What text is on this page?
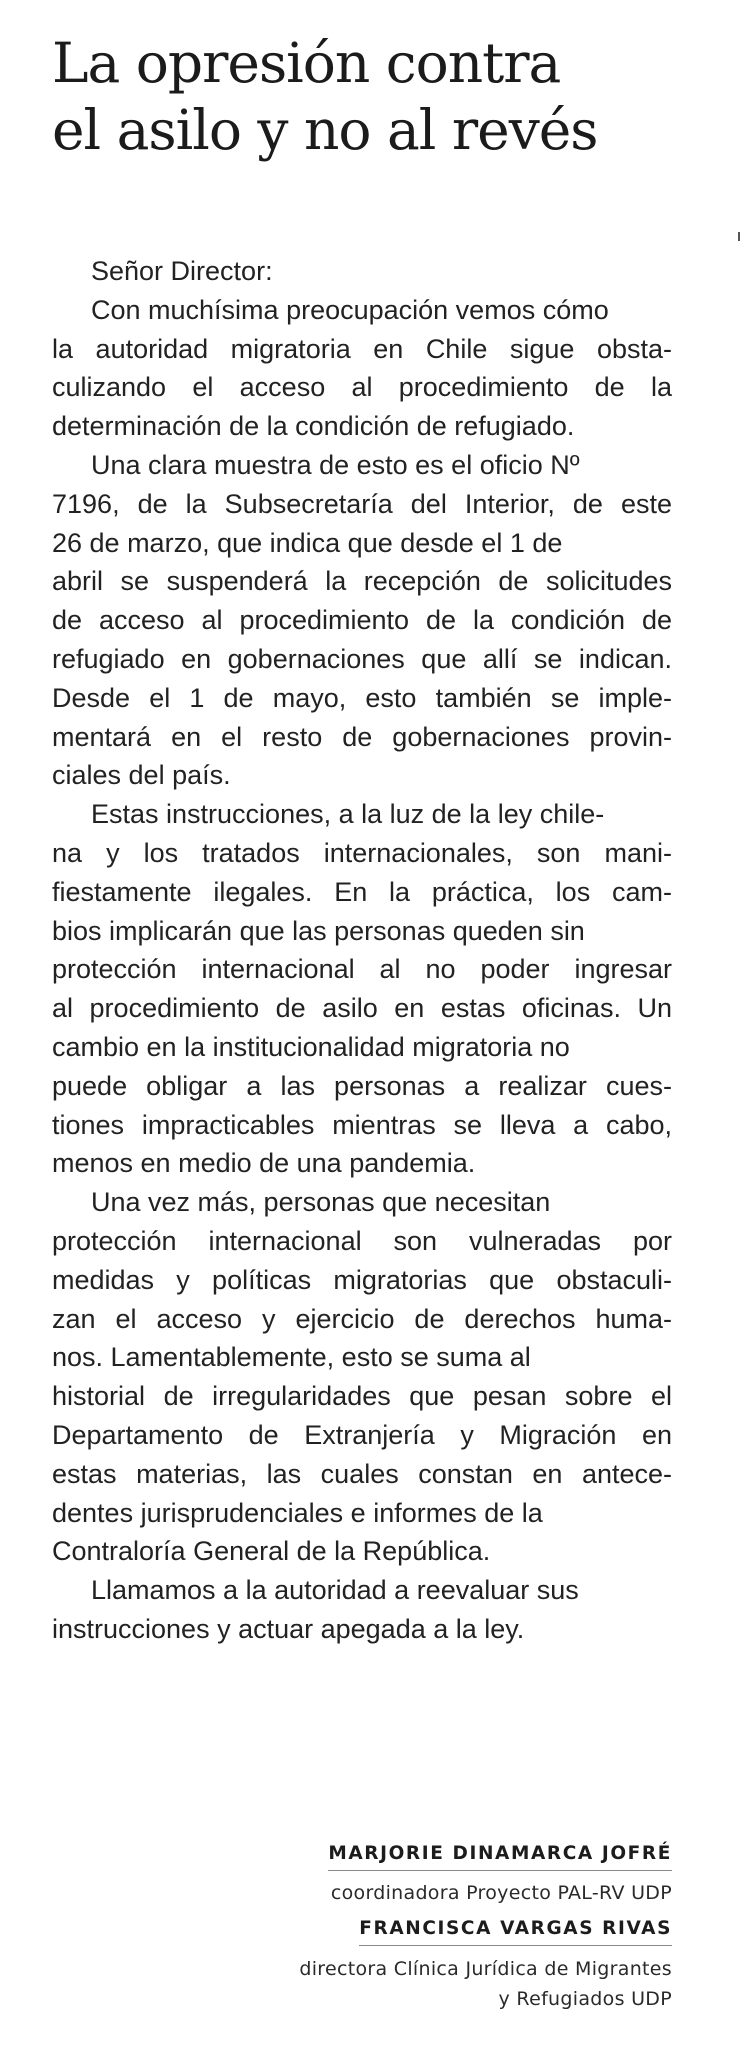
La opresión contra
el asilo y no al revés
Señor Director:
Con muchísima preocupación vemos cómo
la autoridad migratoria en Chile sigue obsta-
culizando el acceso al procedimiento de la
determinación de la condición de refugiado.
Una clara muestra de esto es el oficio Nº
7196, de la Subsecretaría del Interior, de este
26 de marzo, que indica que desde el 1 de
abril se suspenderá la recepción de solicitudes
de acceso al procedimiento de la condición de
refugiado en gobernaciones que allí se indican.
Desde el 1 de mayo, esto también se imple-
mentará en el resto de gobernaciones provin-
ciales del país.
Estas instrucciones, a la luz de la ley chile-
na y los tratados internacionales, son mani-
fiestamente ilegales. En la práctica, los cam-
bios implicarán que las personas queden sin
protección internacional al no poder ingresar
al procedimiento de asilo en estas oficinas. Un
cambio en la institucionalidad migratoria no
puede obligar a las personas a realizar cues-
tiones impracticables mientras se lleva a cabo,
menos en medio de una pandemia.
Una vez más, personas que necesitan
protección internacional son vulneradas por
medidas y políticas migratorias que obstaculi-
zan el acceso y ejercicio de derechos huma-
nos. Lamentablemente, esto se suma al
historial de irregularidades que pesan sobre el
Departamento de Extranjería y Migración en
estas materias, las cuales constan en antece-
dentes jurisprudenciales e informes de la
Contraloría General de la República.
Llamamos a la autoridad a reevaluar sus
instrucciones y actuar apegada a la ley.
MARJORIE DINAMARCA JOFRÉ
coordinadora Proyecto PAL-RV UDP
FRANCISCA VARGAS RIVAS
directora Clínica Jurídica de Migrantes
y Refugiados UDP
